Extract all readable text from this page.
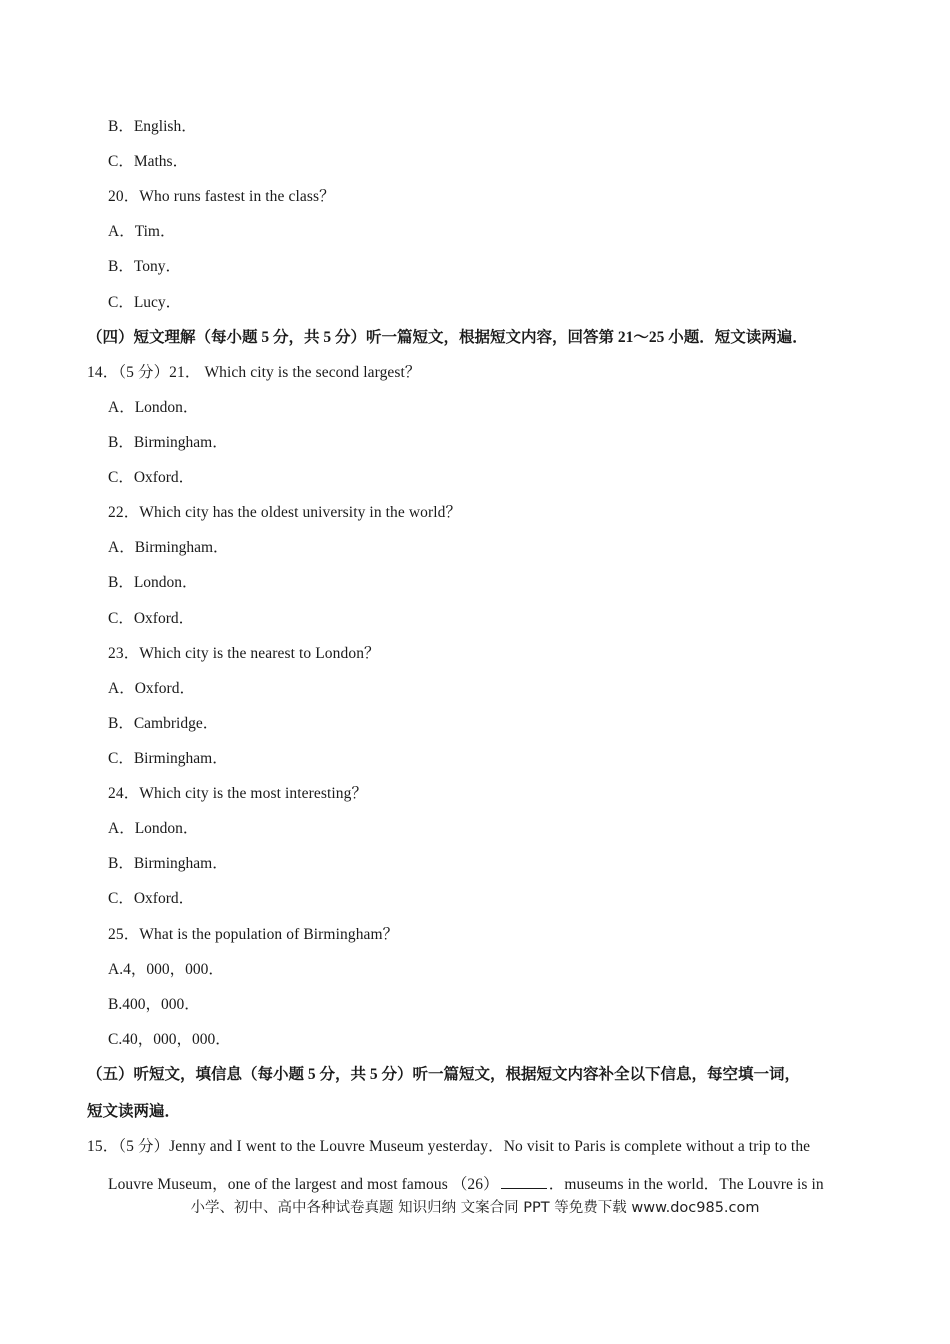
B．English．
C．Maths．
20．Who runs fastest in the class？
A．Tim．
B．Tony．
C．Lucy．
（四）短文理解（每小题 5 分，共 5 分）听一篇短文，根据短文内容，回答第 21～25 小题．短文读两遍．
14．（5 分）21． Which city is the second largest？
A．London．
B．Birmingham．
C．Oxford．
22．Which city has the oldest university in the world？
A．Birmingham．
B．London．
C．Oxford．
23．Which city is the nearest to London？
A．Oxford．
B．Cambridge．
C．Birmingham．
24．Which city is the most interesting？
A．London．
B．Birmingham．
C．Oxford．
25．What is the population of Birmingham？
A.4，000，000．
B.400，000．
C.40，000，000．
（五）听短文，填信息（每小题 5 分，共 5 分）听一篇短文，根据短文内容补全以下信息，每空填一词，
短文读两遍．
15．（5 分）Jenny and I went to the Louvre Museum yesterday．No visit to Paris is complete without a trip to the
Louvre Museum，one of the largest and most famous （26）	．museums in the world．The Louvre is in
小学、初中、高中各种试卷真题 知识归纳 文案合同 PPT 等免费下载 www.doc985.com
